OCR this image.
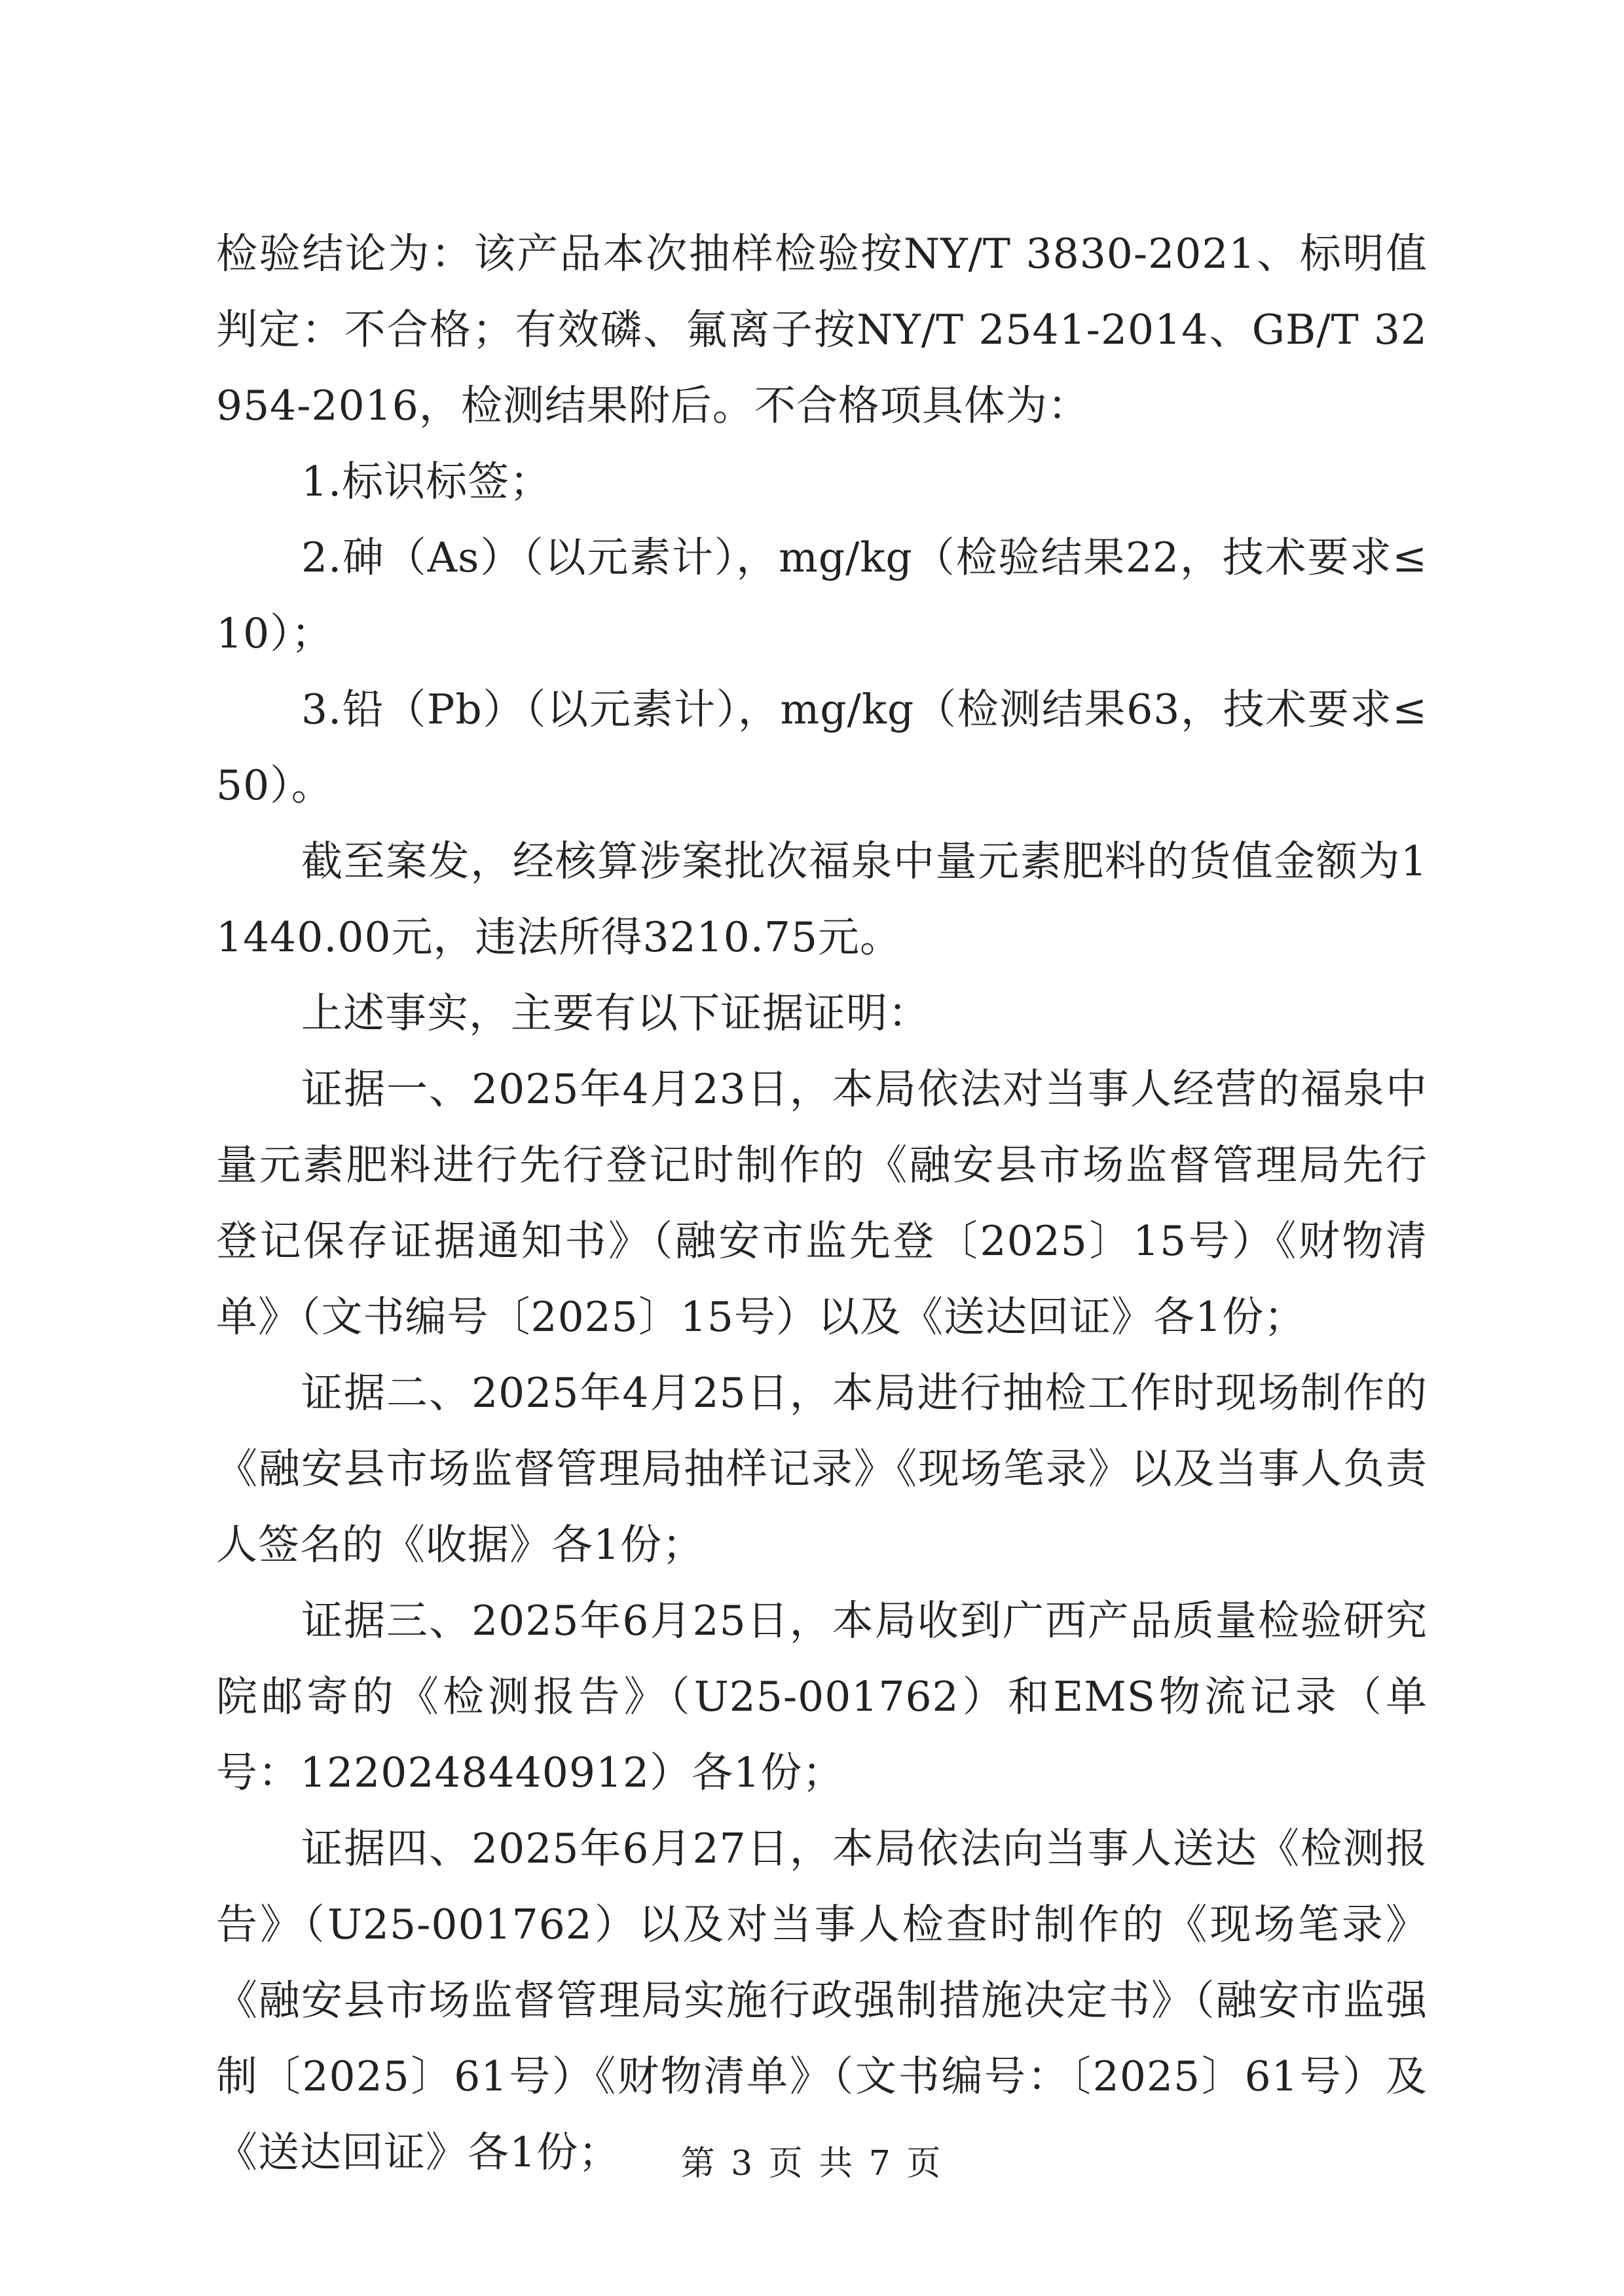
检验结论为：该产品本次抽样检验按NY/T 3830-2021、标明值判定：不合格；有效磷、氟离子按NY/T 2541-2014、GB/T 32954-2016，检测结果附后。不合格项具体为：

1.标识标签；

2.砷（As）（以元素计），mg/kg（检验结果22，技术要求≤10）；

3.铅（Pb）（以元素计），mg/kg（检测结果63，技术要求≤50）。

截至案发，经核算涉案批次福泉中量元素肥料的货值金额为11440.00元，违法所得3210.75元。

上述事实，主要有以下证据证明：

证据一、2025年4月23日，本局依法对当事人经营的福泉中量元素肥料进行先行登记时制作的《融安县市场监督管理局先行登记保存证据通知书》（融安市监先登〔2025〕15号）《财物清单》（文书编号〔2025〕15号）以及《送达回证》各1份；

证据二、2025年4月25日，本局进行抽检工作时现场制作的《融安县市场监督管理局抽样记录》《现场笔录》以及当事人负责人签名的《收据》各1份；

证据三、2025年6月25日，本局收到广西产品质量检验研究院邮寄的《检测报告》（U25-001762）和EMS物流记录（单号：1220248440912）各1份；

证据四、2025年6月27日，本局依法向当事人送达《检测报告》（U25-001762）以及对当事人检查时制作的《现场笔录》《融安县市场监督管理局实施行政强制措施决定书》（融安市监强制〔2025〕61号）《财物清单》（文书编号：〔2025〕61号）及《送达回证》各1份；	第 3 页 共 7 页
